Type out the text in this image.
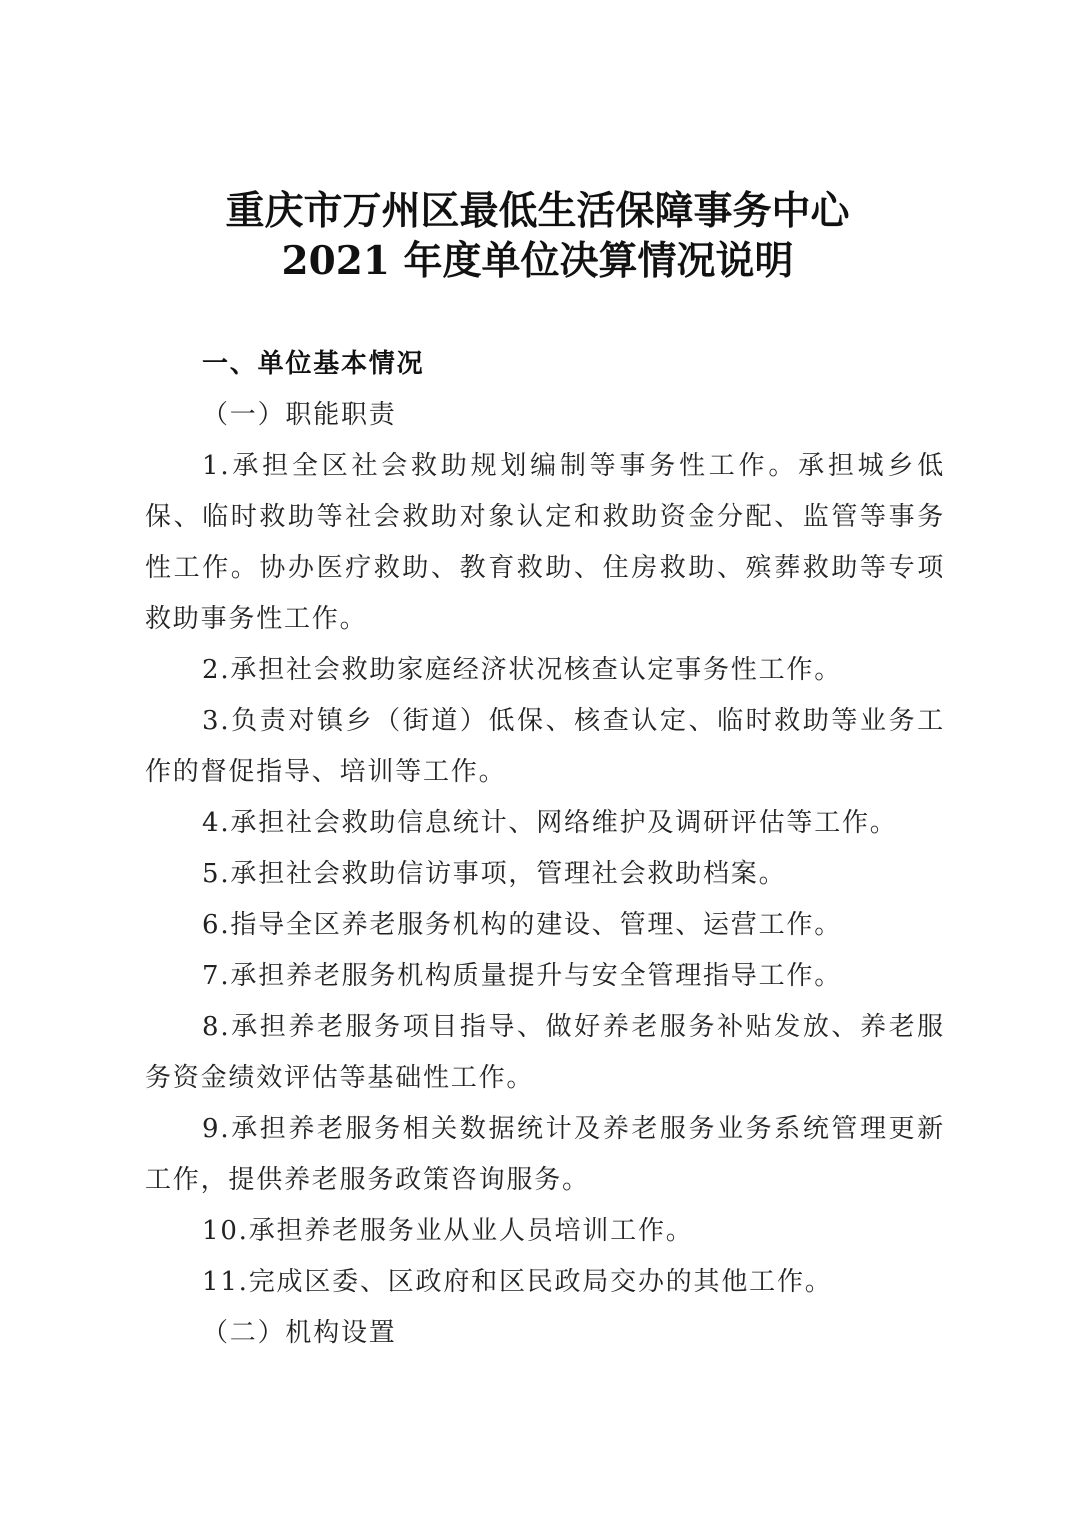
重庆市万州区最低生活保障事务中心
2021 年度单位决算情况说明

一、单位基本情况

（一）职能职责

1.承担全区社会救助规划编制等事务性工作。承担城乡低保、临时救助等社会救助对象认定和救助资金分配、监管等事务性工作。协办医疗救助、教育救助、住房救助、殡葬救助等专项救助事务性工作。

2.承担社会救助家庭经济状况核查认定事务性工作。

3.负责对镇乡（街道）低保、核查认定、临时救助等业务工作的督促指导、培训等工作。

4.承担社会救助信息统计、网络维护及调研评估等工作。

5.承担社会救助信访事项，管理社会救助档案。

6.指导全区养老服务机构的建设、管理、运营工作。

7.承担养老服务机构质量提升与安全管理指导工作。

8.承担养老服务项目指导、做好养老服务补贴发放、养老服务资金绩效评估等基础性工作。

9.承担养老服务相关数据统计及养老服务业务系统管理更新工作，提供养老服务政策咨询服务。

10.承担养老服务业从业人员培训工作。

11.完成区委、区政府和区民政局交办的其他工作。

（二）机构设置
